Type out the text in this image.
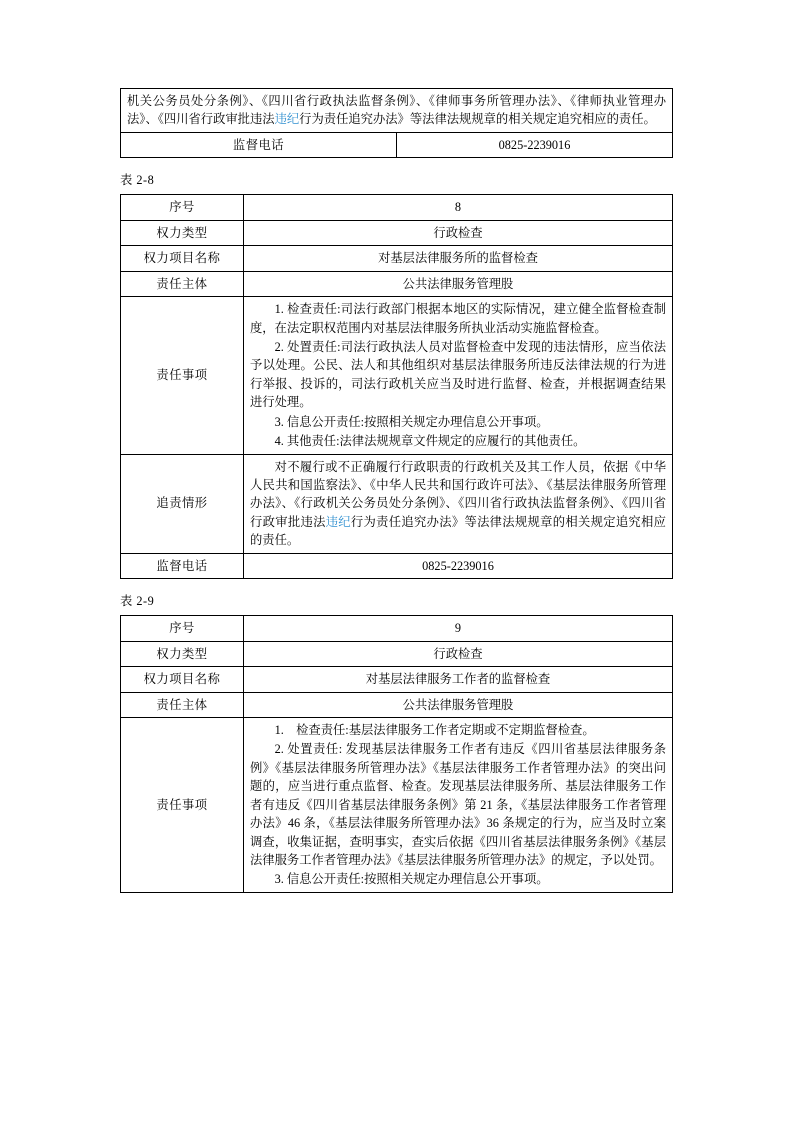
机关公务员处分条例》、《四川省行政执法监督条例》、《律师事务所管理办法》、《律师执业管理办法》、《四川省行政审批违法违纪行为责任追究办法》等法律法规规章的相关规定追究相应的责任。

监督电话	0825-2239016
表 2-8
序号	8
权力类型	行政检查
权力项目名称	对基层法律服务所的监督检查
责任主体	公共法律服务管理股
责任事项	1. 检查责任:司法行政部门根据本地区的实际情况，建立健全监督检查制度，在法定职权范围内对基层法律服务所执业活动实施监督检查。

2. 处置责任:司法行政执法人员对监督检查中发现的违法情形，应当依法予以处理。公民、法人和其他组织对基层法律服务所违反法律法规的行为进行举报、投诉的，司法行政机关应当及时进行监督、检查，并根据调查结果进行处理。

3. 信息公开责任:按照相关规定办理信息公开事项。

4. 其他责任:法律法规规章文件规定的应履行的其他责任。

追责情形	对不履行或不正确履行行政职责的行政机关及其工作人员，依据《中华人民共和国监察法》、《中华人民共和国行政许可法》、《基层法律服务所管理办法》、《行政机关公务员处分条例》、《四川省行政执法监督条例》、《四川省行政审批违法违纪行为责任追究办法》等法律法规规章的相关规定追究相应的责任。

监督电话	0825-2239016
表 2-9
序号	9
权力类型	行政检查
权力项目名称	对基层法律服务工作者的监督检查
责任主体	公共法律服务管理股
责任事项	1.　检查责任:基层法律服务工作者定期或不定期监督检查。

2. 处置责任: 发现基层法律服务工作者有违反《四川省基层法律服务条例》《基层法律服务所管理办法》《基层法律服务工作者管理办法》的突出问题的，应当进行重点监督、检查。发现基层法律服务所、基层法律服务工作者有违反《四川省基层法律服务条例》第 21 条，《基层法律服务工作者管理办法》46 条，《基层法律服务所管理办法》36 条规定的行为，应当及时立案调查，收集证据，查明事实，查实后依据《四川省基层法律服务条例》《基层法律服务工作者管理办法》《基层法律服务所管理办法》的规定，予以处罚。

3. 信息公开责任:按照相关规定办理信息公开事项。
